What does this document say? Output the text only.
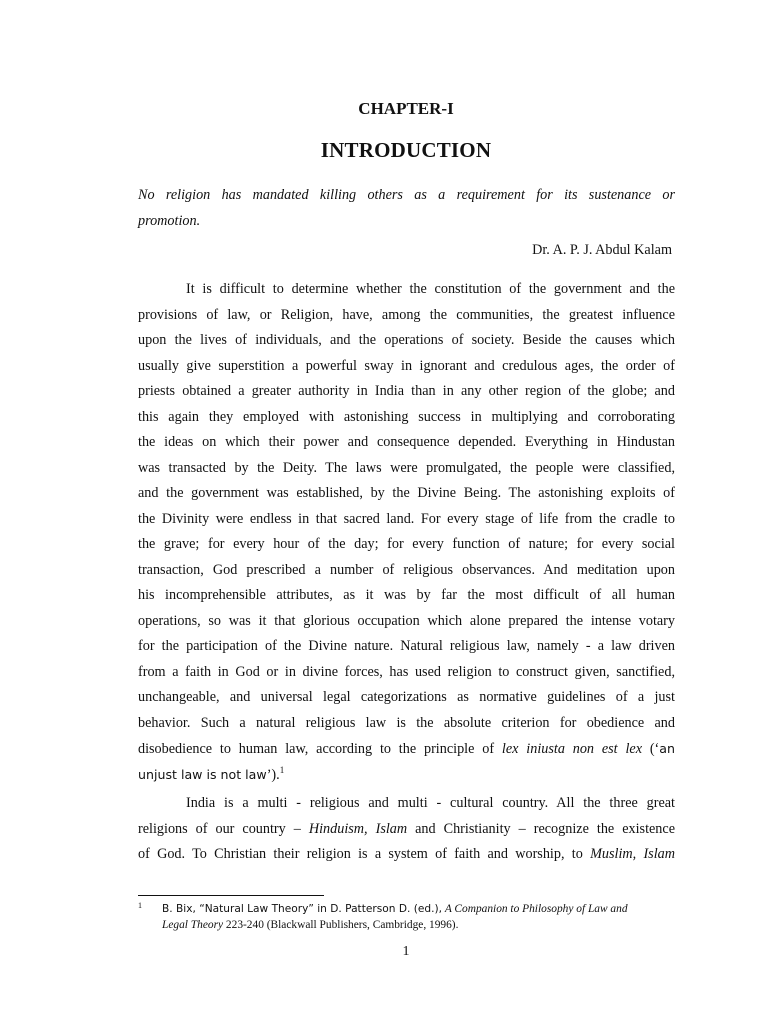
CHAPTER-I
INTRODUCTION
No religion has mandated killing others as a requirement for its sustenance or
promotion.
Dr. A. P. J. Abdul Kalam
It is difficult to determine whether the constitution of the government and the
provisions of law, or Religion, have, among the communities, the greatest influence
upon the lives of individuals, and the operations of society. Beside the causes which
usually give superstition a powerful sway in ignorant and credulous ages, the order of
priests obtained a greater authority in India than in any other region of the globe; and
this again they employed with astonishing success in multiplying and corroborating
the ideas on which their power and consequence depended. Everything in Hindustan
was transacted by the Deity. The laws were promulgated, the people were classified,
and the government was established, by the Divine Being. The astonishing exploits of
the Divinity were endless in that sacred land. For every stage of life from the cradle to
the grave; for every hour of the day; for every function of nature; for every social
transaction, God prescribed a number of religious observances. And meditation upon
his incomprehensible attributes, as it was by far the most difficult of all human
operations, so was it that glorious occupation which alone prepared the intense votary
for the participation of the Divine nature. Natural religious law, namely - a law driven
from a faith in God or in divine forces, has used religion to construct given, sanctified,
unchangeable, and universal legal categorizations as normative guidelines of a just
behavior. Such a natural religious law is the absolute criterion for obedience and
disobedience to human law, according to the principle of lex iniusta non est lex (‘an
unjust law is not law’).$^1$
India is a multi - religious and multi - cultural country. All the three great
religions of our country – Hinduism, Islam and Christianity – recognize the existence
of God. To Christian their religion is a system of faith and worship, to Muslim, Islam
1 B. Bix, “Natural Law Theory” in D. Patterson D. (ed.), A Companion to Philosophy of Law and
Legal Theory 223-240 (Blackwall Publishers, Cambridge, 1996).
1
